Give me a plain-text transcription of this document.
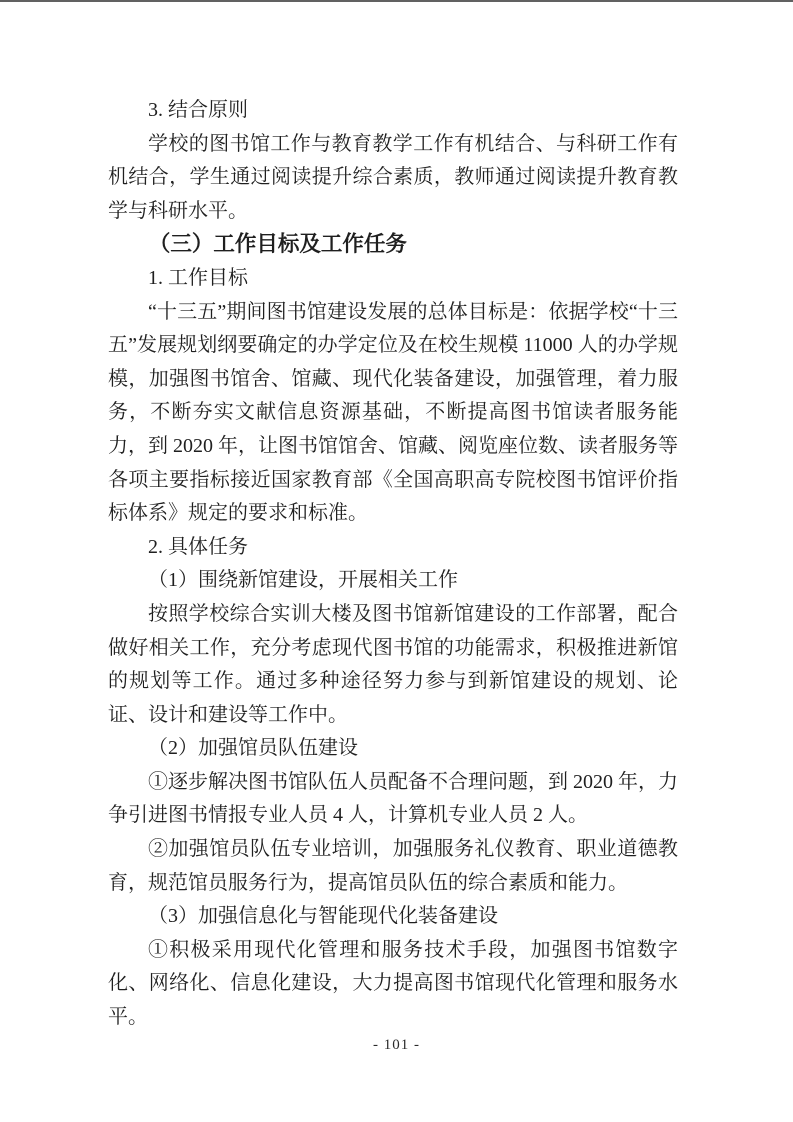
3. 结合原则

学校的图书馆工作与教育教学工作有机结合、与科研工作有机结合，学生通过阅读提升综合素质，教师通过阅读提升教育教学与科研水平。

（三）工作目标及工作任务

1. 工作目标

“十三五”期间图书馆建设发展的总体目标是：依据学校“十三五”发展规划纲要确定的办学定位及在校生规模 11000 人的办学规模，加强图书馆舍、馆藏、现代化装备建设，加强管理，着力服务，不断夯实文献信息资源基础，不断提高图书馆读者服务能力，到 2020 年，让图书馆馆舍、馆藏、阅览座位数、读者服务等各项主要指标接近国家教育部《全国高职高专院校图书馆评价指标体系》规定的要求和标准。

2. 具体任务

（1）围绕新馆建设，开展相关工作

按照学校综合实训大楼及图书馆新馆建设的工作部署，配合做好相关工作，充分考虑现代图书馆的功能需求，积极推进新馆的规划等工作。通过多种途径努力参与到新馆建设的规划、论证、设计和建设等工作中。

（2）加强馆员队伍建设

①逐步解决图书馆队伍人员配备不合理问题，到 2020 年，力争引进图书情报专业人员 4 人，计算机专业人员 2 人。

②加强馆员队伍专业培训，加强服务礼仪教育、职业道德教育，规范馆员服务行为，提高馆员队伍的综合素质和能力。

（3）加强信息化与智能现代化装备建设

①积极采用现代化管理和服务技术手段，加强图书馆数字化、网络化、信息化建设，大力提高图书馆现代化管理和服务水平。

- 101 -
